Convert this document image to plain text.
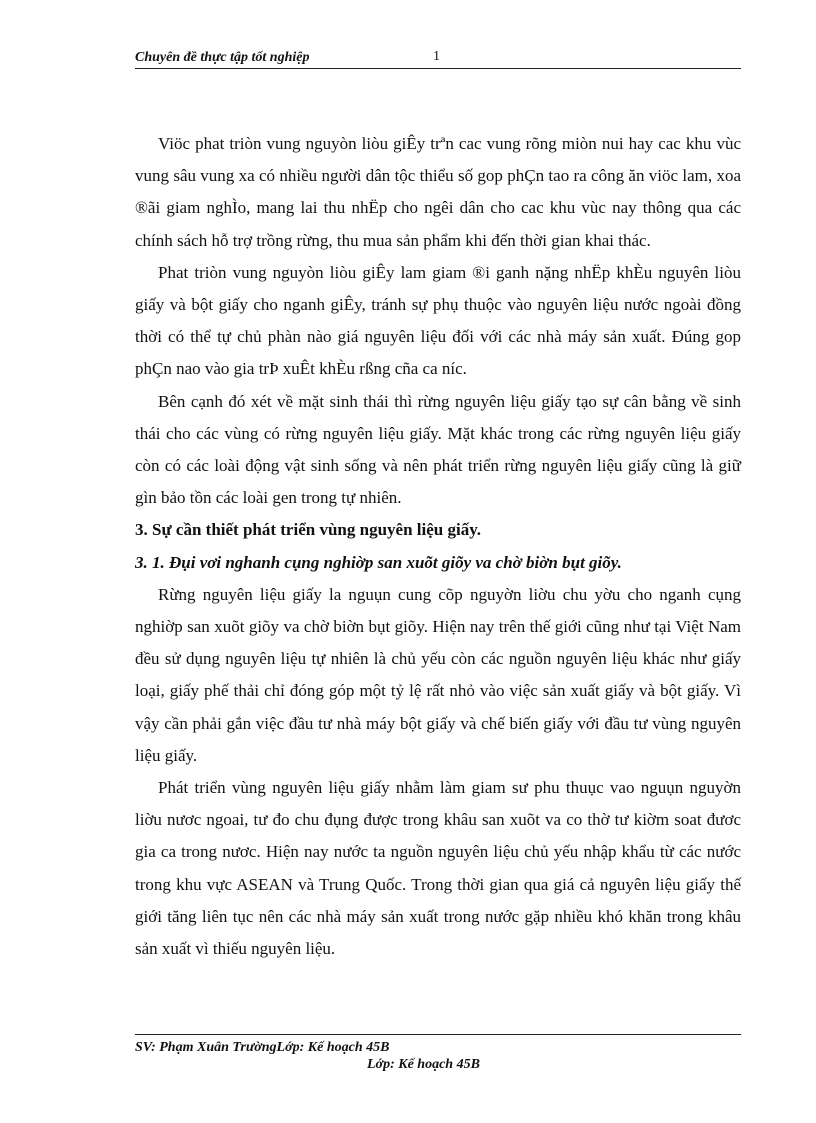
Chuyên đề thực tập tốt nghiệp	1

Viöc phat triòn vung nguyòn liòu giÊy trªn cac vung rõng miòn nui hay cac khu vùc vung sâu vung xa có nhiều người dân tộc thiểu số gop phÇn tao ra công ăn viöc lam, xoa ®ãi giam nghÌo, mang lai thu nhËp cho ngêi dân cho cac khu vùc nay thông qua các chính sách hỗ trợ trồng rừng, thu mua sản phẩm khi đến thời gian khai thác.

Phat triòn vung nguyòn liòu giÊy lam giam ®i ganh nặng nhËp khÈu nguyên liòu giấy và bột giấy cho nganh giÊy, tránh sự phụ thuộc vào nguyên liệu nước ngoài đồng thời có thể tự chủ phàn nào giá nguyên liệu đối với các nhà máy sản xuất. Đúng gop phÇn nao vào gia trÞ xuÊt khÈu rßng cña ca níc.

Bên cạnh đó xét về mặt sinh thái thì rừng nguyên liệu giấy tạo sự cân bằng về sinh thái cho các vùng có rừng nguyên liệu giấy. Mặt khác trong các rừng nguyên liệu giấy còn có các loài động vật sinh sống và nên phát triển rừng nguyên liệu giấy cũng là giữ gìn bảo tồn các loài gen trong tự nhiên.

3. Sự cần thiết phát triển vùng nguyên liệu giấy.
3. 1. Đụi vơi nghanh cụng nghiờp san xuõt giõy va chờ biờn bụt giõy.

Rừng nguyên liệu giấy la nguụn cung cõp nguyờn liờu chu yờu cho nganh cụng nghiờp san xuõt giõy va chờ biờn bụt giõy. Hiện nay trên thế giới cũng như tại Việt Nam đều sử dụng nguyên liệu tự nhiên là chủ yếu còn các nguồn nguyên liệu khác như giấy loại, giấy phế thải chỉ đóng góp một tỷ lệ rất nhỏ vào việc sản xuất giấy và bột giấy. Vì vậy cần phải gắn việc đầu tư nhà máy bột giấy và chế biến giấy với đầu tư vùng nguyên liệu giấy.

Phát triển vùng nguyên liệu giấy nhằm làm giam sư phu thuục vao nguụn nguyờn liờu nươc ngoai, tư đo chu đụng được trong khâu san xuõt va co thờ tư kiờm soat đươc gia ca trong nươc. Hiện nay nước ta nguồn nguyên liệu chủ yếu nhập khẩu từ các nước trong khu vực ASEAN và Trung Quốc. Trong thời gian qua giá cả nguyên liệu giấy thế giới tăng liên tục nên các nhà máy sản xuất trong nước gặp nhiều khó khăn trong khâu sản xuất vì thiếu nguyên liệu.

SV: Phạm Xuân TrườngLớp: Kế hoạch 45B
Lớp: Kế hoạch 45B
